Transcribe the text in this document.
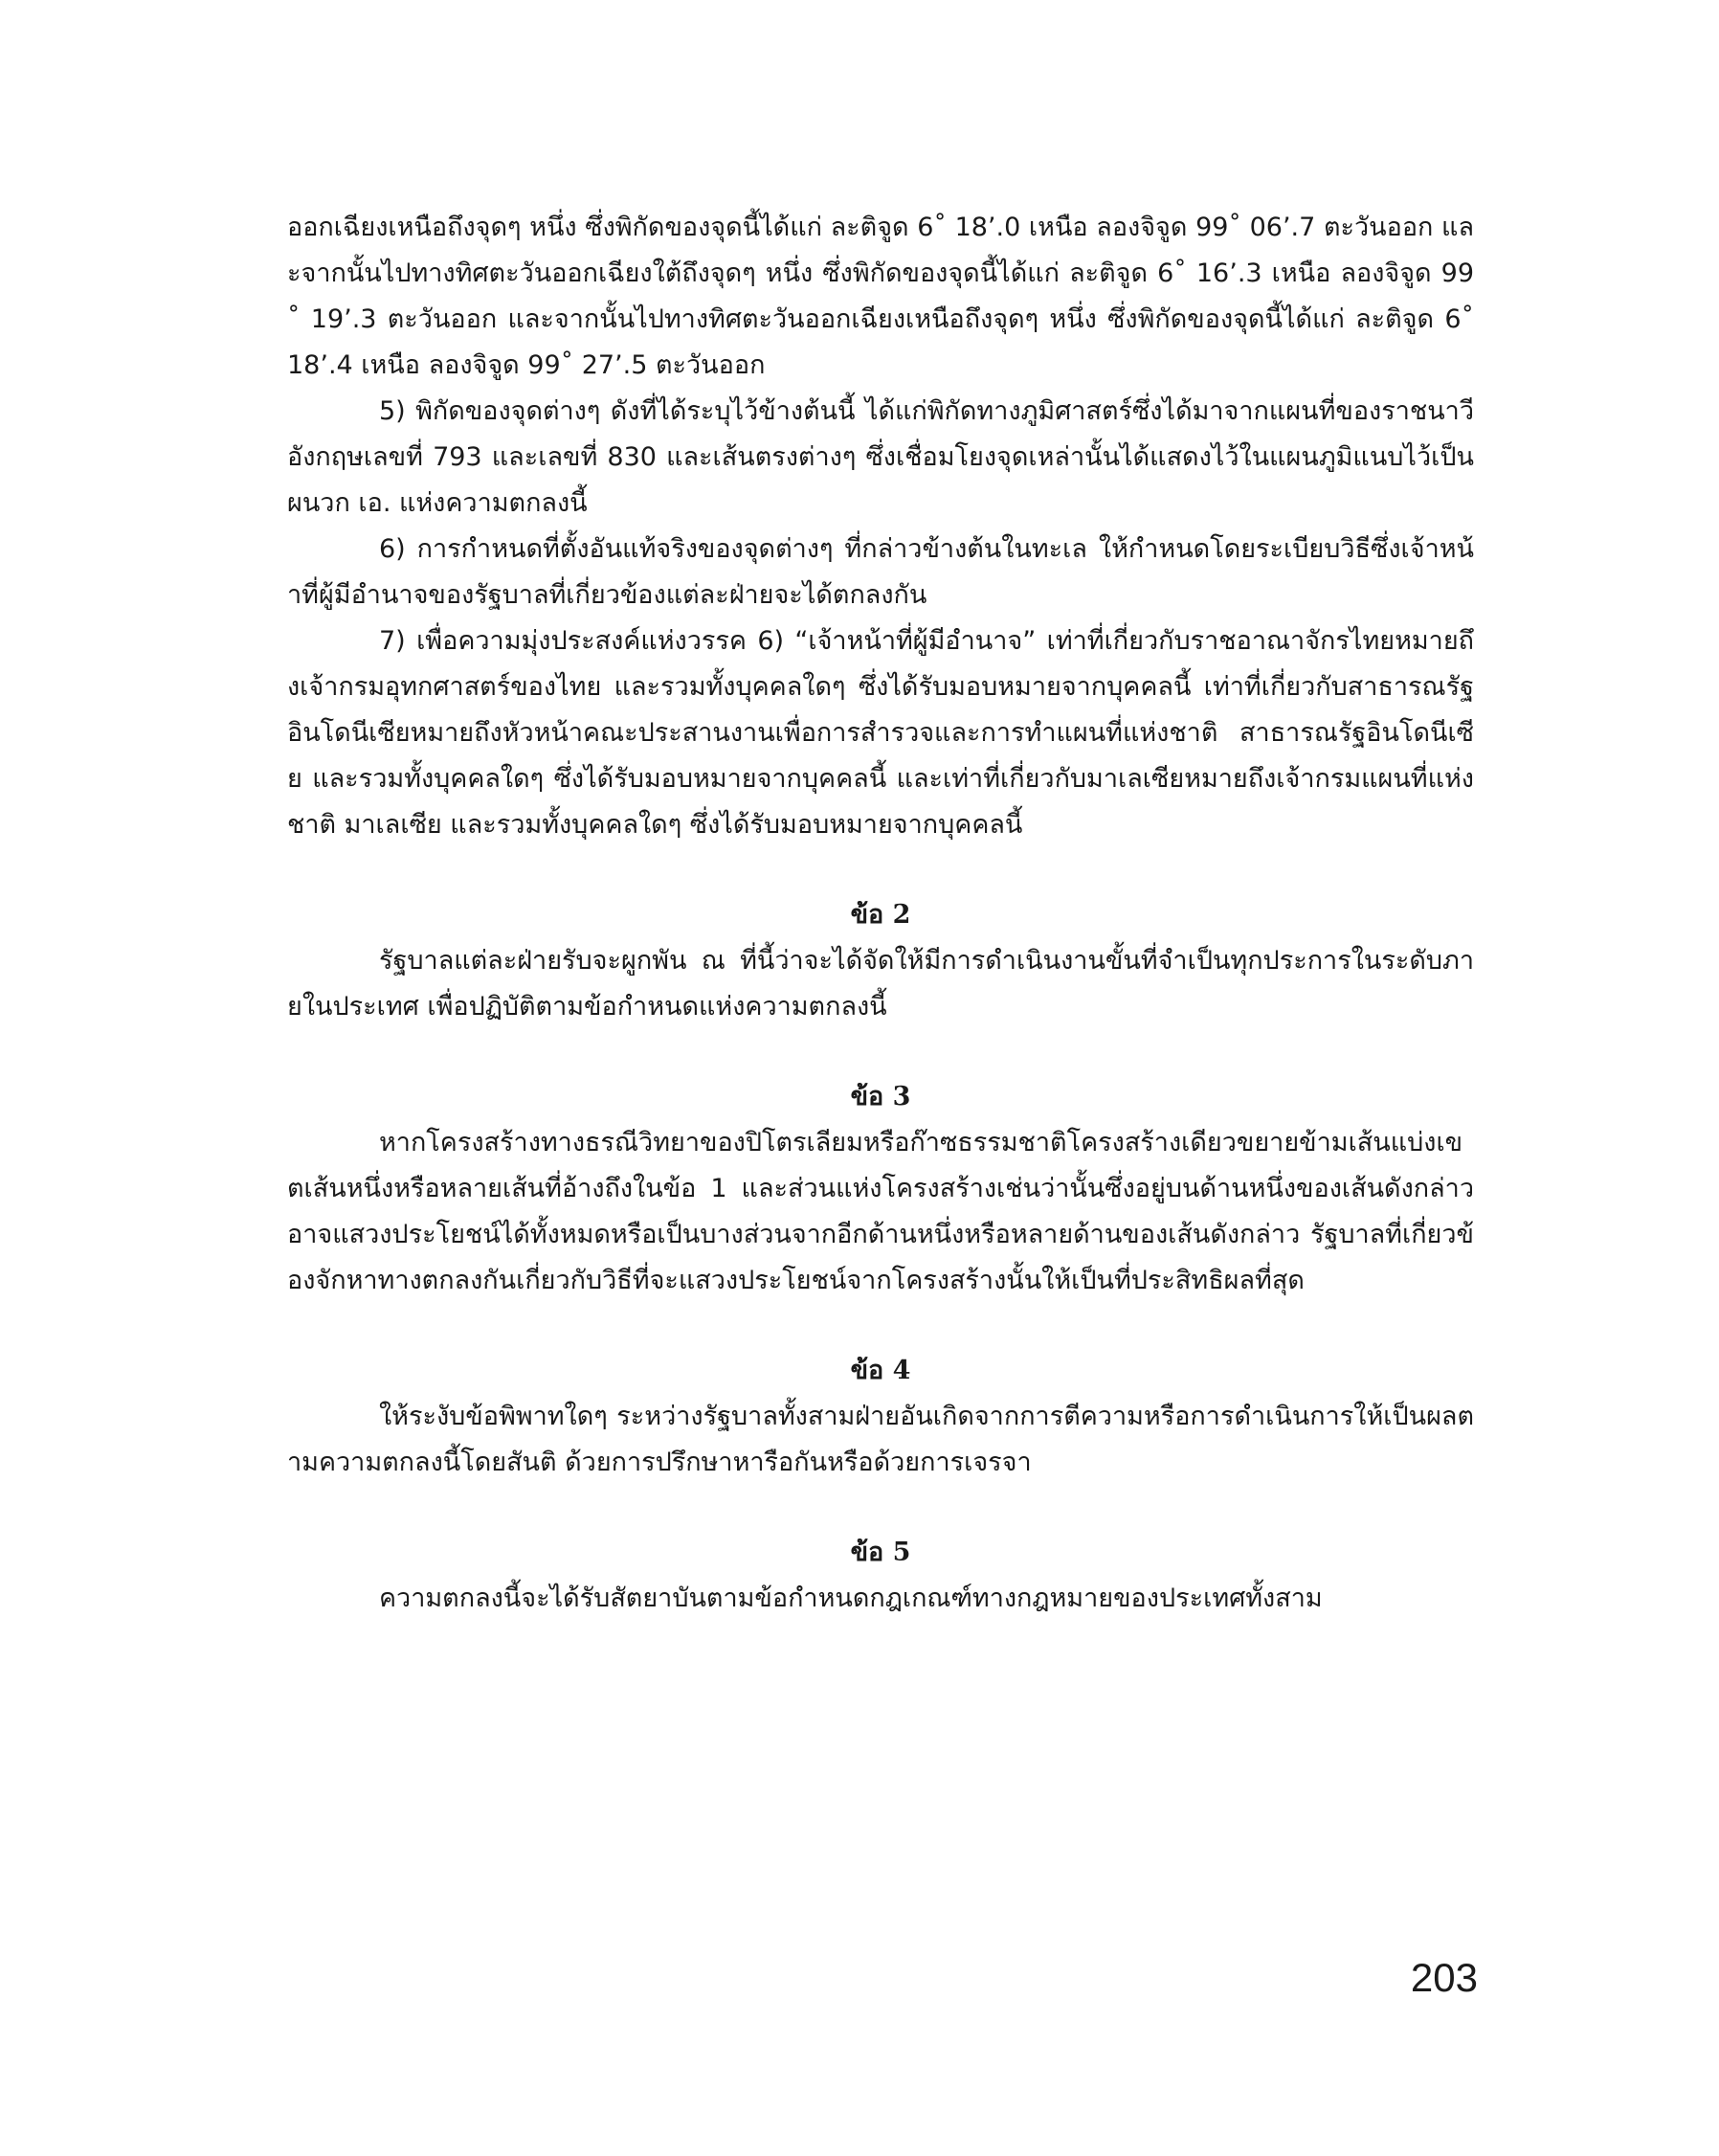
ออกเฉียงเหนือถึงจุดๆ หนึ่ง ซึ่งพิกัดของจุดนี้ได้แก่ ละติจูด 6˚ 18’.0 เหนือ ลองจิจูด 99˚ 06’.7 ตะวันออก และจากนั้นไปทางทิศตะวันออกเฉียงใต้ถึงจุดๆ หนึ่ง ซึ่งพิกัดของจุดนี้ได้แก่ ละติจูด 6˚ 16’.3 เหนือ ลองจิจูด 99˚ 19’.3 ตะวันออก และจากนั้นไปทางทิศตะวันออกเฉียงเหนือถึงจุดๆ หนึ่ง ซึ่งพิกัดของจุดนี้ได้แก่ ละติจูด 6˚ 18’.4 เหนือ ลองจิจูด 99˚ 27’.5 ตะวันออก

5) พิกัดของจุดต่างๆ ดังที่ได้ระบุไว้ข้างต้นนี้ ได้แก่พิกัดทางภูมิศาสตร์ซึ่งได้มาจากแผนที่ของราชนาวีอังกฤษเลขที่ 793 และเลขที่ 830 และเส้นตรงต่างๆ ซึ่งเชื่อมโยงจุดเหล่านั้นได้แสดงไว้ในแผนภูมิแนบไว้เป็นผนวก เอ. แห่งความตกลงนี้

6) การกำหนดที่ตั้งอันแท้จริงของจุดต่างๆ ที่กล่าวข้างต้นในทะเล ให้กำหนดโดยระเบียบวิธีซึ่งเจ้าหน้าที่ผู้มีอำนาจของรัฐบาลที่เกี่ยวข้องแต่ละฝ่ายจะได้ตกลงกัน

7) เพื่อความมุ่งประสงค์แห่งวรรค 6) “เจ้าหน้าที่ผู้มีอำนาจ” เท่าที่เกี่ยวกับราชอาณาจักรไทยหมายถึงเจ้ากรมอุทกศาสตร์ของไทย และรวมทั้งบุคคลใดๆ ซึ่งได้รับมอบหมายจากบุคคลนี้ เท่าที่เกี่ยวกับสาธารณรัฐอินโดนีเซียหมายถึงหัวหน้าคณะประสานงานเพื่อการสำรวจและการทำแผนที่แห่งชาติ สาธารณรัฐอินโดนีเซีย และรวมทั้งบุคคลใดๆ ซึ่งได้รับมอบหมายจากบุคคลนี้ และเท่าที่เกี่ยวกับมาเลเซียหมายถึงเจ้ากรมแผนที่แห่งชาติ มาเลเซีย และรวมทั้งบุคคลใดๆ ซึ่งได้รับมอบหมายจากบุคคลนี้

ข้อ 2

รัฐบาลแต่ละฝ่ายรับจะผูกพัน ณ ที่นี้ว่าจะได้จัดให้มีการดำเนินงานขั้นที่จำเป็นทุกประการในระดับภายในประเทศ เพื่อปฏิบัติตามข้อกำหนดแห่งความตกลงนี้

ข้อ 3

หากโครงสร้างทางธรณีวิทยาของปิโตรเลียมหรือก๊าซธรรมชาติโครงสร้างเดียวขยายข้ามเส้นแบ่งเขตเส้นหนึ่งหรือหลายเส้นที่อ้างถึงในข้อ 1 และส่วนแห่งโครงสร้างเช่นว่านั้นซึ่งอยู่บนด้านหนึ่งของเส้นดังกล่าว อาจแสวงประโยชน์ได้ทั้งหมดหรือเป็นบางส่วนจากอีกด้านหนึ่งหรือหลายด้านของเส้นดังกล่าว รัฐบาลที่เกี่ยวข้องจักหาทางตกลงกันเกี่ยวกับวิธีที่จะแสวงประโยชน์จากโครงสร้างนั้นให้เป็นที่ประสิทธิผลที่สุด

ข้อ 4

ให้ระงับข้อพิพาทใดๆ ระหว่างรัฐบาลทั้งสามฝ่ายอันเกิดจากการตีความหรือการดำเนินการให้เป็นผลตามความตกลงนี้โดยสันติ ด้วยการปรึกษาหารือกันหรือด้วยการเจรจา

ข้อ 5

ความตกลงนี้จะได้รับสัตยาบันตามข้อกำหนดกฎเกณฑ์ทางกฎหมายของประเทศทั้งสาม

203
